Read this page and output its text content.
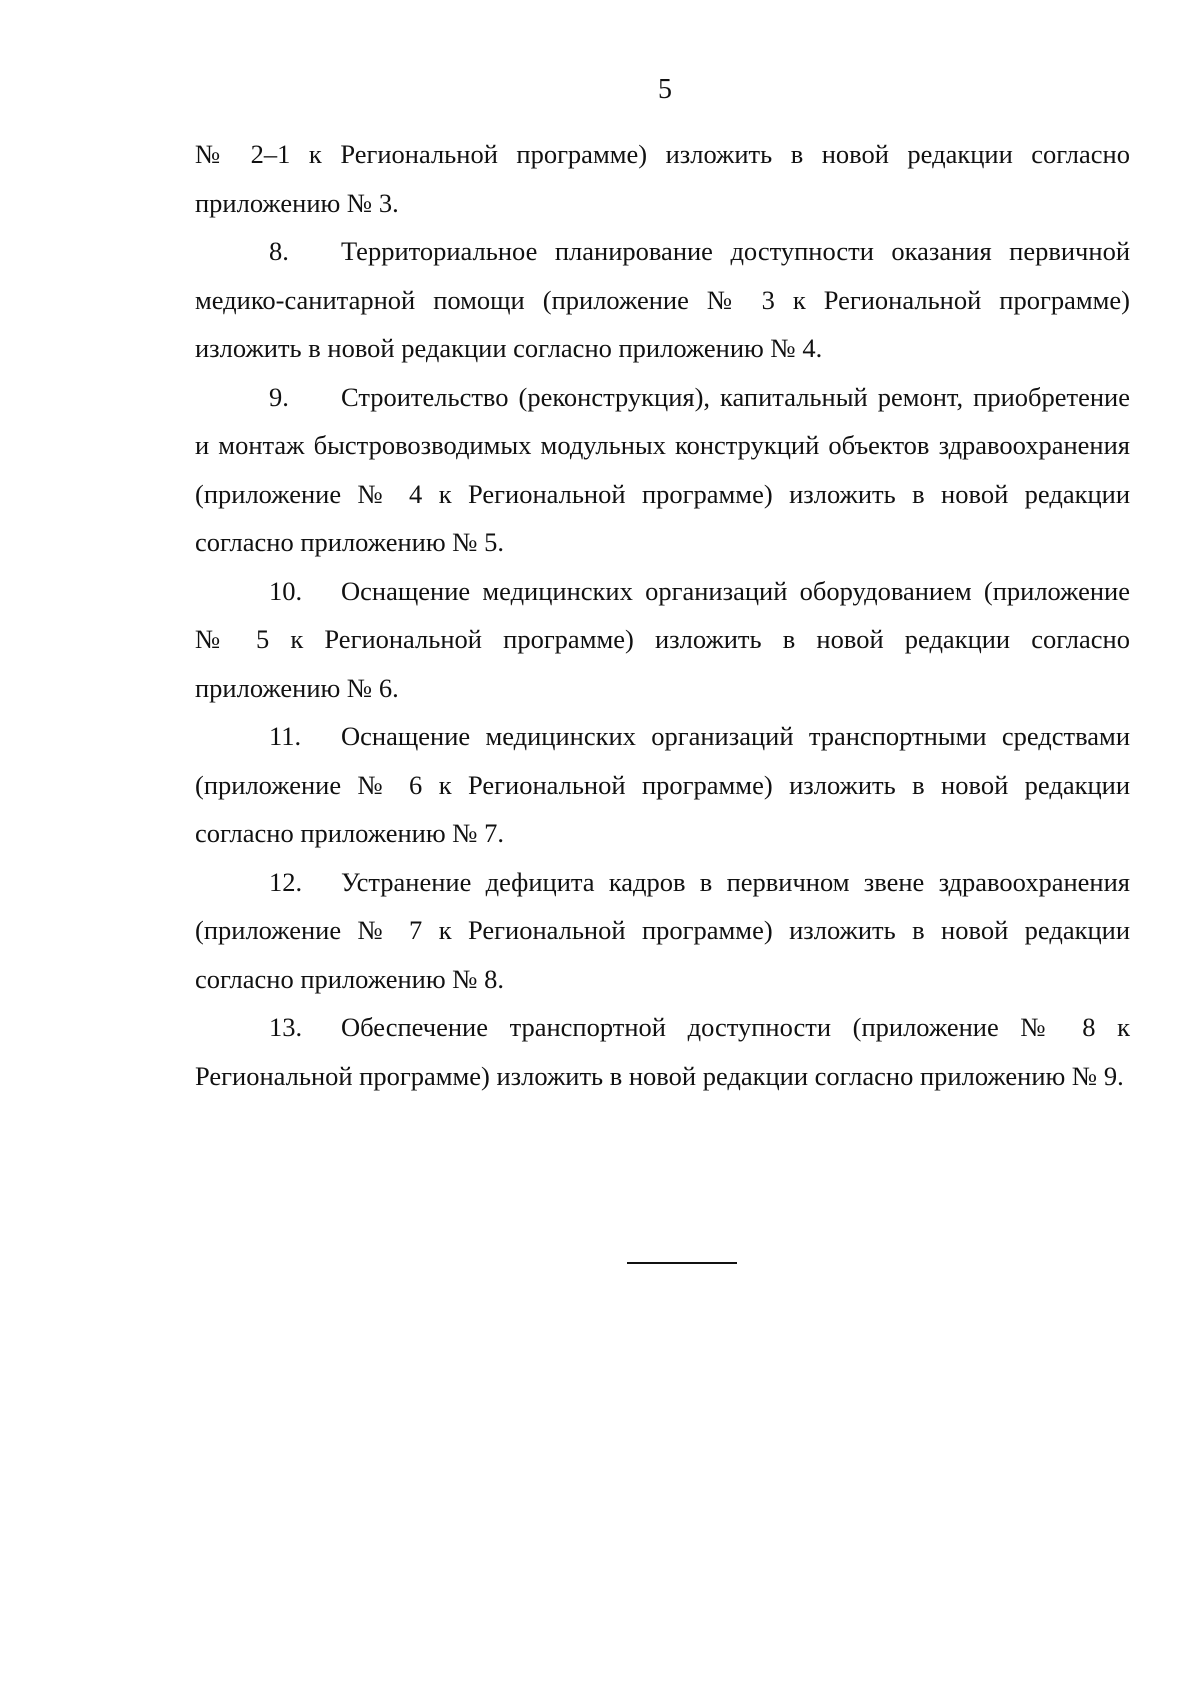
5

№ 2–1 к Региональной программе) изложить в новой редакции согласно приложению № 3.

8. Территориальное планирование доступности оказания первичной медико-санитарной помощи (приложение № 3 к Региональной программе) изложить в новой редакции согласно приложению № 4.

9. Строительство (реконструкция), капитальный ремонт, приобретение и монтаж быстровозводимых модульных конструкций объектов здравоохранения (приложение № 4 к Региональной программе) изложить в новой редакции согласно приложению № 5.

10. Оснащение медицинских организаций оборудованием (приложение № 5 к Региональной программе) изложить в новой редакции согласно приложению № 6.

11. Оснащение медицинских организаций транспортными средствами (приложение № 6 к Региональной программе) изложить в новой редакции согласно приложению № 7.

12. Устранение дефицита кадров в первичном звене здравоохранения (приложение № 7 к Региональной программе) изложить в новой редакции согласно приложению № 8.

13. Обеспечение транспортной доступности (приложение № 8 к Региональной программе) изложить в новой редакции согласно приложению № 9.
